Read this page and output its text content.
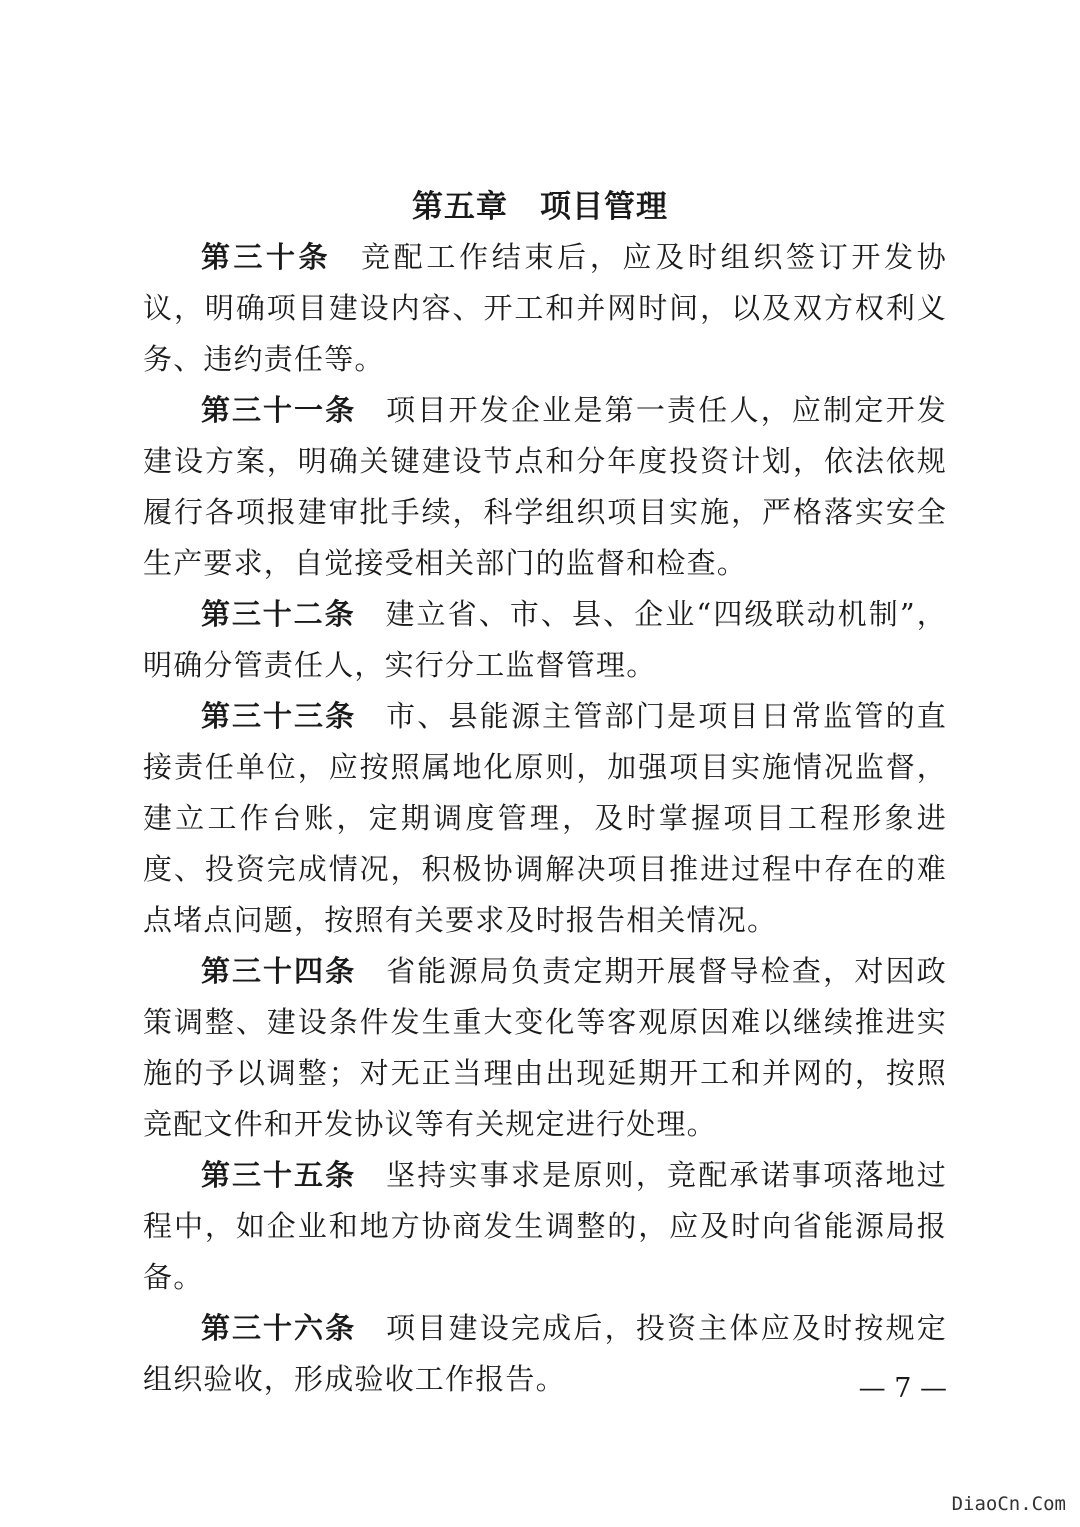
第五章　项目管理

第三十条 竞配工作结束后，应及时组织签订开发协议，明确项目建设内容、开工和并网时间，以及双方权利义务、违约责任等。

第三十一条 项目开发企业是第一责任人，应制定开发建设方案，明确关键建设节点和分年度投资计划，依法依规履行各项报建审批手续，科学组织项目实施，严格落实安全生产要求，自觉接受相关部门的监督和检查。

第三十二条 建立省、市、县、企业“四级联动机制”，明确分管责任人，实行分工监督管理。

第三十三条 市、县能源主管部门是项目日常监管的直接责任单位，应按照属地化原则，加强项目实施情况监督，建立工作台账，定期调度管理，及时掌握项目工程形象进度、投资完成情况，积极协调解决项目推进过程中存在的难点堵点问题，按照有关要求及时报告相关情况。

第三十四条 省能源局负责定期开展督导检查，对因政策调整、建设条件发生重大变化等客观原因难以继续推进实施的予以调整；对无正当理由出现延期开工和并网的，按照竞配文件和开发协议等有关规定进行处理。

第三十五条 坚持实事求是原则，竞配承诺事项落地过程中，如企业和地方协商发生调整的，应及时向省能源局报备。

第三十六条 项目建设完成后，投资主体应及时按规定组织验收，形成验收工作报告。	— 7 —
DiaoCn.Com
